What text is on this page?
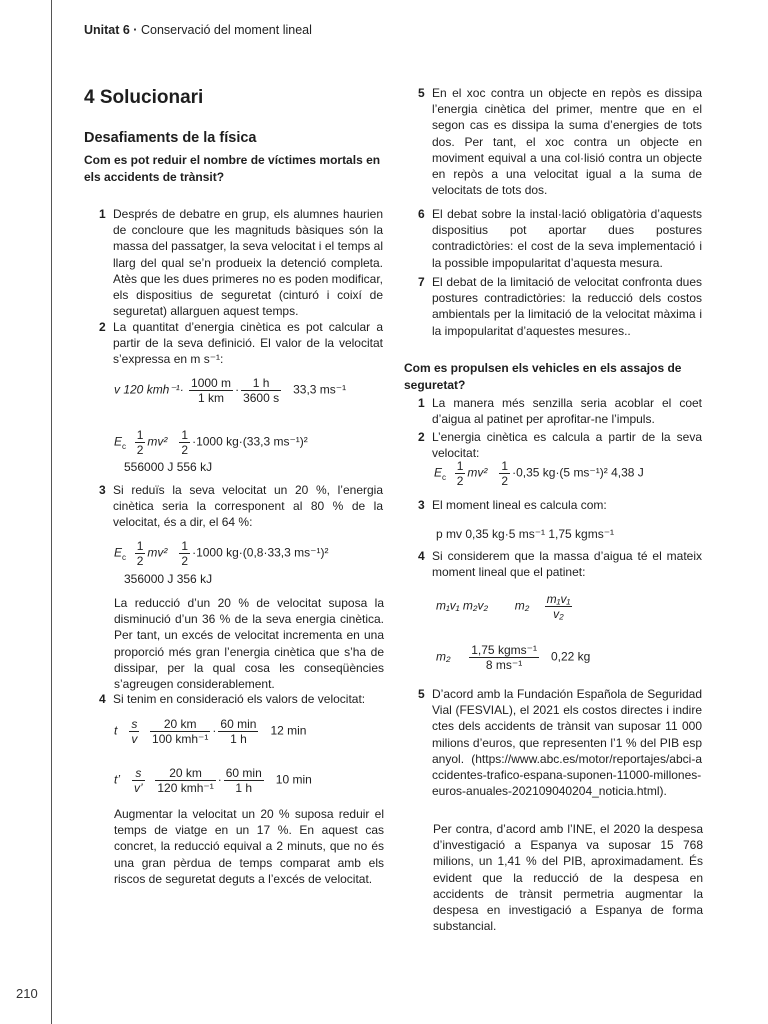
210
Unitat 6 · Conservació del moment lineal
4 Solucionari
Desafiaments de la física
Com es pot reduir el nombre de víctimes mortals en els accidents de trànsit?
1 Després de debatre en grup, els alumnes haurien de concloure que les magnituds bàsiques són la massa del passatger, la seva velocitat i el temps al llarg del qual se’n produeix la detenció completa. Atès que les dues primeres no es poden modificar, els dispositius de seguretat (cinturó i coixí de seguretat) allarguen aquest temps.
2 La quantitat d’energia cinètica es pot calcular a partir de la seva definició. El valor de la velocitat s’expressa en m s⁻¹:
v 120 $kmh^{-1}\cdot \frac{1000 m}{1 km} \cdot \frac{1 h}{3600 s} 33,3$ ms⁻¹
$E_c \frac{1}{2} mv^2 \frac{1}{2} \cdot 1000$ kg·(33,3 ms⁻¹)²
556000 J 556 kJ
3 Si reduïs la seva velocitat un 20 %, l’energia cinètica seria la corresponent al 80 % de la velocitat, és a dir, el 64 %:
$E_c \frac{1}{2} mv^2 \frac{1}{2} \cdot 1000$ kg·(0,8·33,3 ms⁻¹)²
356000 J 356 kJ
La reducció d’un 20 % de velocitat suposa la disminució d’un 36 % de la seva energia cinètica. Per tant, un excés de velocitat incrementa en una proporció més gran l’energia cinètica que s’ha de dissipar, per la qual cosa les conseqüències s’agreugen considerablement.
4 Si tenim en consideració els valors de velocitat:
t $\frac{s}{v}$
$\frac{20 km}{\text{100 kmh⁻¹}} \cdot \frac{60 \min}{1 h} 12$ min
t’ $\frac{s}{v’}$
$\frac{20 km}{\text{120 kmh⁻¹}} \cdot \frac{60 \min}{1 h} 10$ min
Augmentar la velocitat un 20 % suposa reduir el temps de viatge en un 17 %. En aquest cas concret, la reducció equival a 2 minuts, que no és una gran pèrdua de temps comparat amb els riscos de seguretat deguts a l’excés de velocitat.
5 En el xoc contra un objecte en repòs es dissipa l’energia cinètica del primer, mentre que en el segon cas es dissipa la suma d’energies de tots dos. Per tant, el xoc contra un objecte en moviment equival a una col·lisió contra un objecte en repòs a una velocitat igual a la suma de velocitats de tots dos.
6 El debat sobre la instal·lació obligatòria d’aquests dispositius pot aportar dues postures contradictòries: el cost de la seva implementació i la possible impopularitat d’aquesta mesura.
7 El debat de la limitació de velocitat confronta dues postures contradictòries: la reducció dels costos ambientals per la limitació de la velocitat màxima i la impopularitat d’aquestes mesures..
Com es propulsen els vehicles en els assajos de seguretat?
1 La manera més senzilla seria acoblar el coet d’aigua al patinet per aprofitar-ne l’impuls.
2 L’energia cinètica es calcula a partir de la seva velocitat:
$E_c \frac{1}{2} mv^2 \frac{1}{2} \cdot 0,35$ kg·(5 ms⁻¹)² 4,38 J
3 El moment lineal es calcula com:
p mv 0,35 kg·5 ms⁻¹ 1,75 kgms⁻¹
4 Si considerem que la massa d’aigua té el mateix moment lineal que el patinet:
m₁v₁ m₂v₂ $m_2 \frac{\text{m₁v₁}}{\text{v₂}}$
$m_2 \frac{\text{1,75 kgms⁻¹}}{\text{8 ms⁻¹}} 0,22$ kg
5 D’acord amb la Fundación Española de Seguridad Vial (FESVIAL), el 2021 els costos directes i indirectes dels accidents de trànsit van suposar 11 000 milions d’euros, que representen l’1 % del PIB espanyol. (https://www.abc.es/motor/reportajes/abci-accidentes-trafico-espana-suponen-11000-millones-euros-anuales-202109040204_noticia.html).
Per contra, d’acord amb l’INE, el 2020 la despesa d’investigació a Espanya va suposar 15 768 milions, un 1,41 % del PIB, aproximadament. És evident que la reducció de la despesa en accidents de trànsit permetria augmentar la despesa en investigació a Espanya de forma substancial.
